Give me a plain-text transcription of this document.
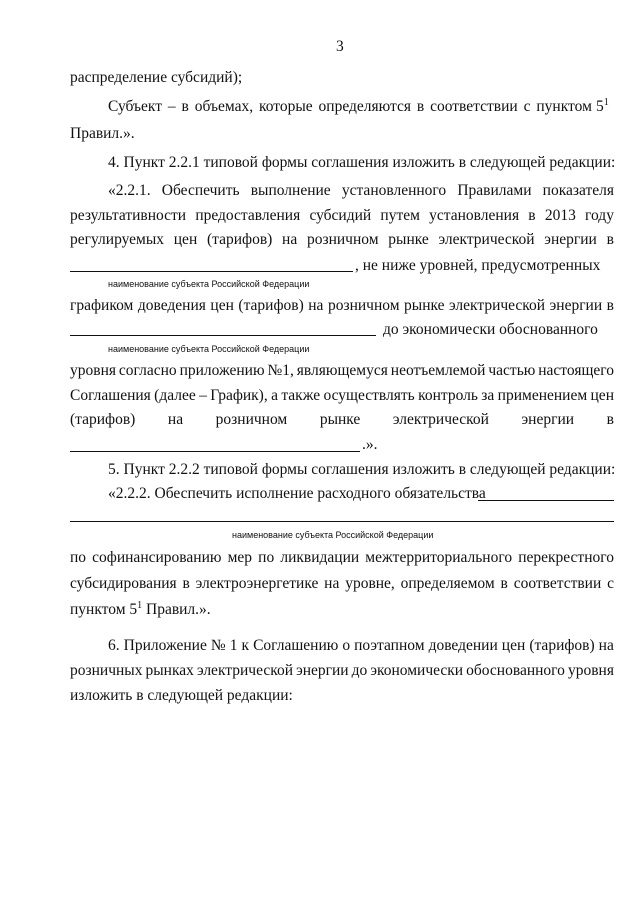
3
распределение субсидий);
Субъект – в объемах, которые определяются в соответствии с пунктом $5^1$
Правил.».
4. Пункт 2.2.1 типовой формы соглашения изложить в следующей редакции:
«2.2.1. Обеспечить выполнение установленного Правилами показателя
результативности предоставления субсидий путем установления в 2013 году
регулируемых цен (тарифов) на розничном рынке электрической энергии в
, не ниже уровней, предусмотренных
наименование субъекта Российской Федерации
графиком доведения цен (тарифов) на розничном рынке электрической энергии в
до экономически обоснованного
наименование субъекта Российской Федерации
уровня согласно приложению №1, являющемуся неотъемлемой частью настоящего
Соглашения (далее – График), а также осуществлять контроль за применением цен
(тарифов) на розничном рынке электрической энергии в
.».
5. Пункт 2.2.2 типовой формы соглашения изложить в следующей редакции:
«2.2.2. Обеспечить исполнение расходного обязательства
наименование субъекта Российской Федерации
по софинансированию мер по ликвидации межтерриториального перекрестного
субсидирования в электроэнергетике на уровне, определяемом в соответствии с
пунктом $5^1$ Правил.».
6. Приложение № 1 к Соглашению о поэтапном доведении цен (тарифов) на
розничных рынках электрической энергии до экономически обоснованного уровня
изложить в следующей редакции:
